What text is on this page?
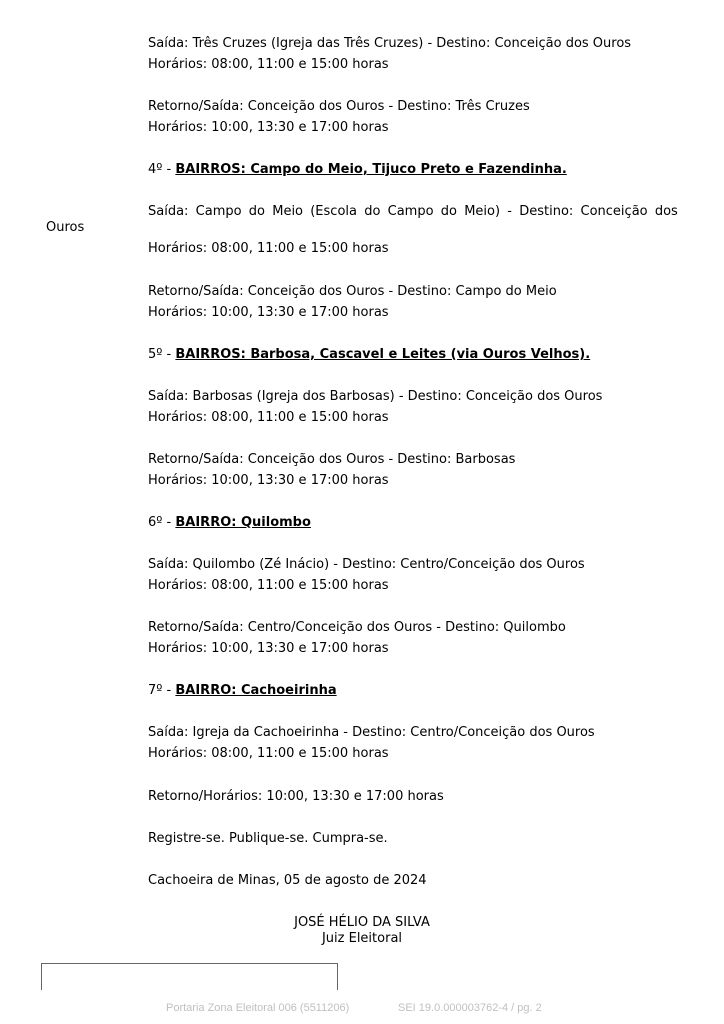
Saída: Três Cruzes (Igreja das Três Cruzes) - Destino: Conceição dos Ouros
Horários: 08:00, 11:00 e 15:00 horas
Retorno/Saída: Conceição dos Ouros - Destino: Três Cruzes
Horários: 10:00, 13:30 e 17:00 horas
4º - BAIRROS: Campo do Meio, Tijuco Preto e Fazendinha.
Saída: Campo do Meio (Escola do Campo do Meio) - Destino: Conceição dos
Ouros
Horários: 08:00, 11:00 e 15:00 horas
Retorno/Saída: Conceição dos Ouros - Destino: Campo do Meio
Horários: 10:00, 13:30 e 17:00 horas
5º - BAIRROS: Barbosa, Cascavel e Leites (via Ouros Velhos).
Saída: Barbosas (Igreja dos Barbosas) - Destino: Conceição dos Ouros
Horários: 08:00, 11:00 e 15:00 horas
Retorno/Saída: Conceição dos Ouros - Destino: Barbosas
Horários: 10:00, 13:30 e 17:00 horas
6º - BAIRRO: Quilombo
Saída: Quilombo (Zé Inácio) - Destino: Centro/Conceição dos Ouros
Horários: 08:00, 11:00 e 15:00 horas
Retorno/Saída: Centro/Conceição dos Ouros - Destino: Quilombo
Horários: 10:00, 13:30 e 17:00 horas
7º - BAIRRO: Cachoeirinha
Saída: Igreja da Cachoeirinha - Destino: Centro/Conceição dos Ouros
Horários: 08:00, 11:00 e 15:00 horas
Retorno/Horários: 10:00, 13:30 e 17:00 horas
Registre-se. Publique-se. Cumpra-se.
Cachoeira de Minas, 05 de agosto de 2024
JOSÉ HÉLIO DA SILVA
Juiz Eleitoral
Portaria Zona Eleitoral 006 (5511206)	SEI 19.0.000003762-4 / pg. 2
